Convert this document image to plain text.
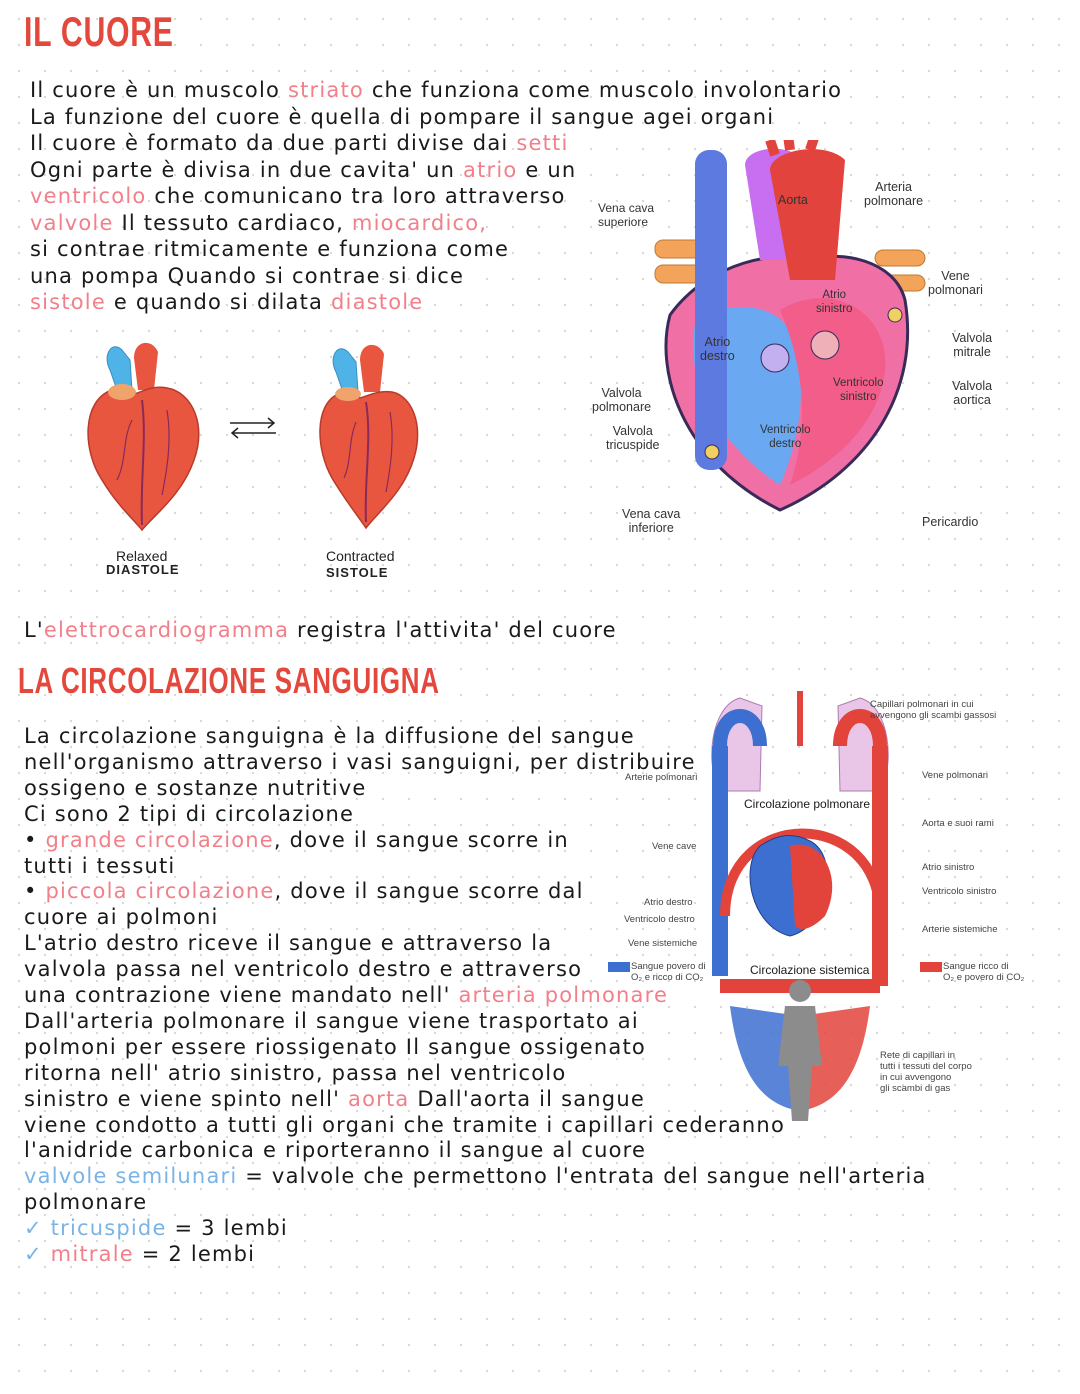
IL CUORE
Il cuore è un muscolo striato che funziona come muscolo involontario
La funzione del cuore è quella di pompare il sangue agei organi
Il cuore è formato da due parti divise dai setti
Ogni parte è divisa in due cavita' un atrio e un
ventricolo che comunicano tra loro attraverso
valvole Il tessuto cardiaco, miocardico,
si contrae ritmicamente e funziona come
una pompa Quando si contrae si dice
sistole e quando si dilata diastole
Relaxed
DIASTOLE
Contracted
SISTOLE
Vena cava
superiore
Aorta
Arteria
polmonare
Vene
polmonari
Atrio
sinistro
Atrio
destro
Valvola
mitrale
Valvola
polmonare
Ventricolo
sinistro
Valvola
aortica
Valvola
tricuspide
Ventricolo
destro
Vena cava
inferiore	Pericardio
L'elettrocardiogramma registra l'attivita' del cuore
LA CIRCOLAZIONE SANGUIGNA
La circolazione sanguigna è la diffusione del sangue
nell'organismo attraverso i vasi sanguigni, per distribuire
ossigeno e sostanze nutritive
Ci sono 2 tipi di circolazione
• grande circolazione, dove il sangue scorre in
tutti i tessuti
• piccola circolazione, dove il sangue scorre dal
cuore ai polmoni
L'atrio destro riceve il sangue e attraverso la
valvola passa nel ventricolo destro e attraverso
una contrazione viene mandato nell' arteria polmonare
Dall'arteria polmonare il sangue viene trasportato ai
polmoni per essere riossigenato Il sangue ossigenato
ritorna nell' atrio sinistro, passa nel ventricolo
sinistro e viene spinto nell' aorta Dall'aorta il sangue
viene condotto a tutti gli organi che tramite i capillari cederanno
l'anidride carbonica e riporteranno il sangue al cuore
valvole semilunari = valvole che permettono l'entrata del sangue nell'arteria
polmonare
✓ tricuspide = 3 lembi
✓ mitrale = 2 lembi
Capillari polmonari in cui
avvengono gli scambi gassosi
Arterie polmonari	Vene polmonari
Circolazione polmonare
Aorta e suoi rami
Vene cave
Atrio sinistro
Atrio destro
Ventricolo sinistro
Ventricolo destro
Arterie sistemiche
Vene sistemiche
Sangue povero di
O₂ e ricco di CO₂
Circolazione sistemica	Sangue ricco di
O₂ e povero di CO₂
Rete di capillari in
tutti i tessuti del corpo
in cui avvengono
gli scambi di gas
